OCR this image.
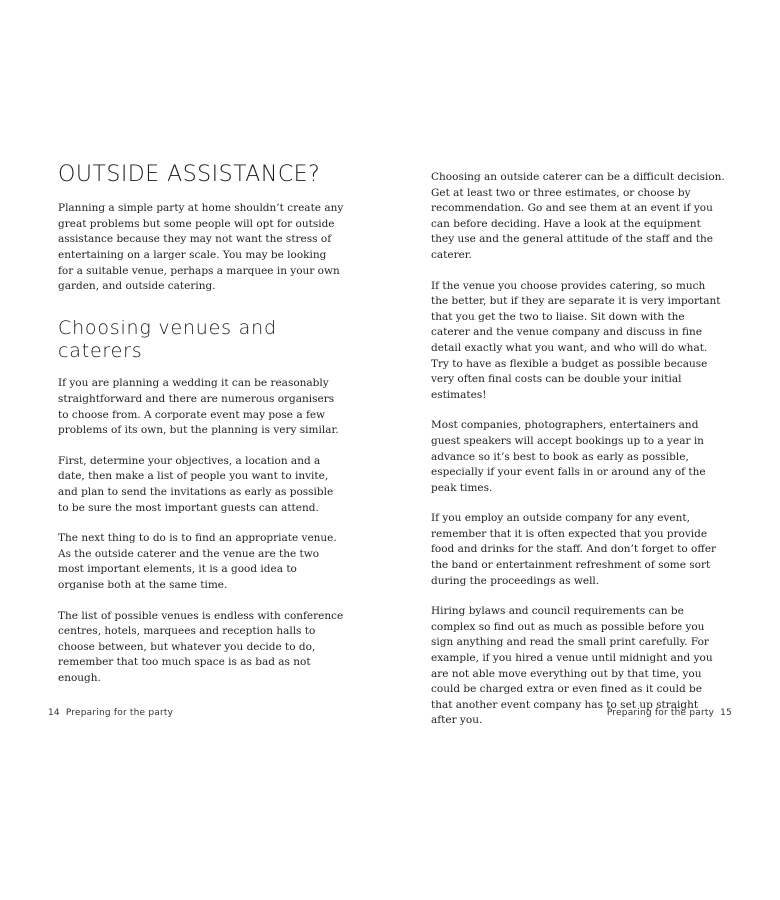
OUTSIDE ASSISTANCE?

Planning a simple party at home shouldn’t create any great problems but some people will opt for outside assistance because they may not want the stress of entertaining on a larger scale. You may be looking for a suitable venue, perhaps a marquee in your own garden, and outside catering.

Choosing venues and caterers

If you are planning a wedding it can be reasonably straightforward and there are numerous organisers to choose from. A corporate event may pose a few problems of its own, but the planning is very similar.

First, determine your objectives, a location and a date, then make a list of people you want to invite, and plan to send the invitations as early as possible to be sure the most important guests can attend.

The next thing to do is to find an appropriate venue. As the outside caterer and the venue are the two most important elements, it is a good idea to organise both at the same time.

The list of possible venues is endless with conference centres, hotels, marquees and reception halls to choose between, but whatever you decide to do, remember that too much space is as bad as not enough.

14 Preparing for the party

Choosing an outside caterer can be a difficult decision. Get at least two or three estimates, or choose by recommendation. Go and see them at an event if you can before deciding. Have a look at the equipment they use and the general attitude of the staff and the caterer.

If the venue you choose provides catering, so much the better, but if they are separate it is very important that you get the two to liaise. Sit down with the caterer and the venue company and discuss in fine detail exactly what you want, and who will do what. Try to have as flexible a budget as possible because very often final costs can be double your initial estimates!

Most companies, photographers, entertainers and guest speakers will accept bookings up to a year in advance so it’s best to book as early as possible, especially if your event falls in or around any of the peak times.

If you employ an outside company for any event, remember that it is often expected that you provide food and drinks for the staff. And don’t forget to offer the band or entertainment refreshment of some sort during the proceedings as well.

Hiring bylaws and council requirements can be complex so find out as much as possible before you sign anything and read the small print carefully. For example, if you hired a venue until midnight and you are not able move everything out by that time, you could be charged extra or even fined as it could be that another event company has to set up straight after you.

Preparing for the party 15
